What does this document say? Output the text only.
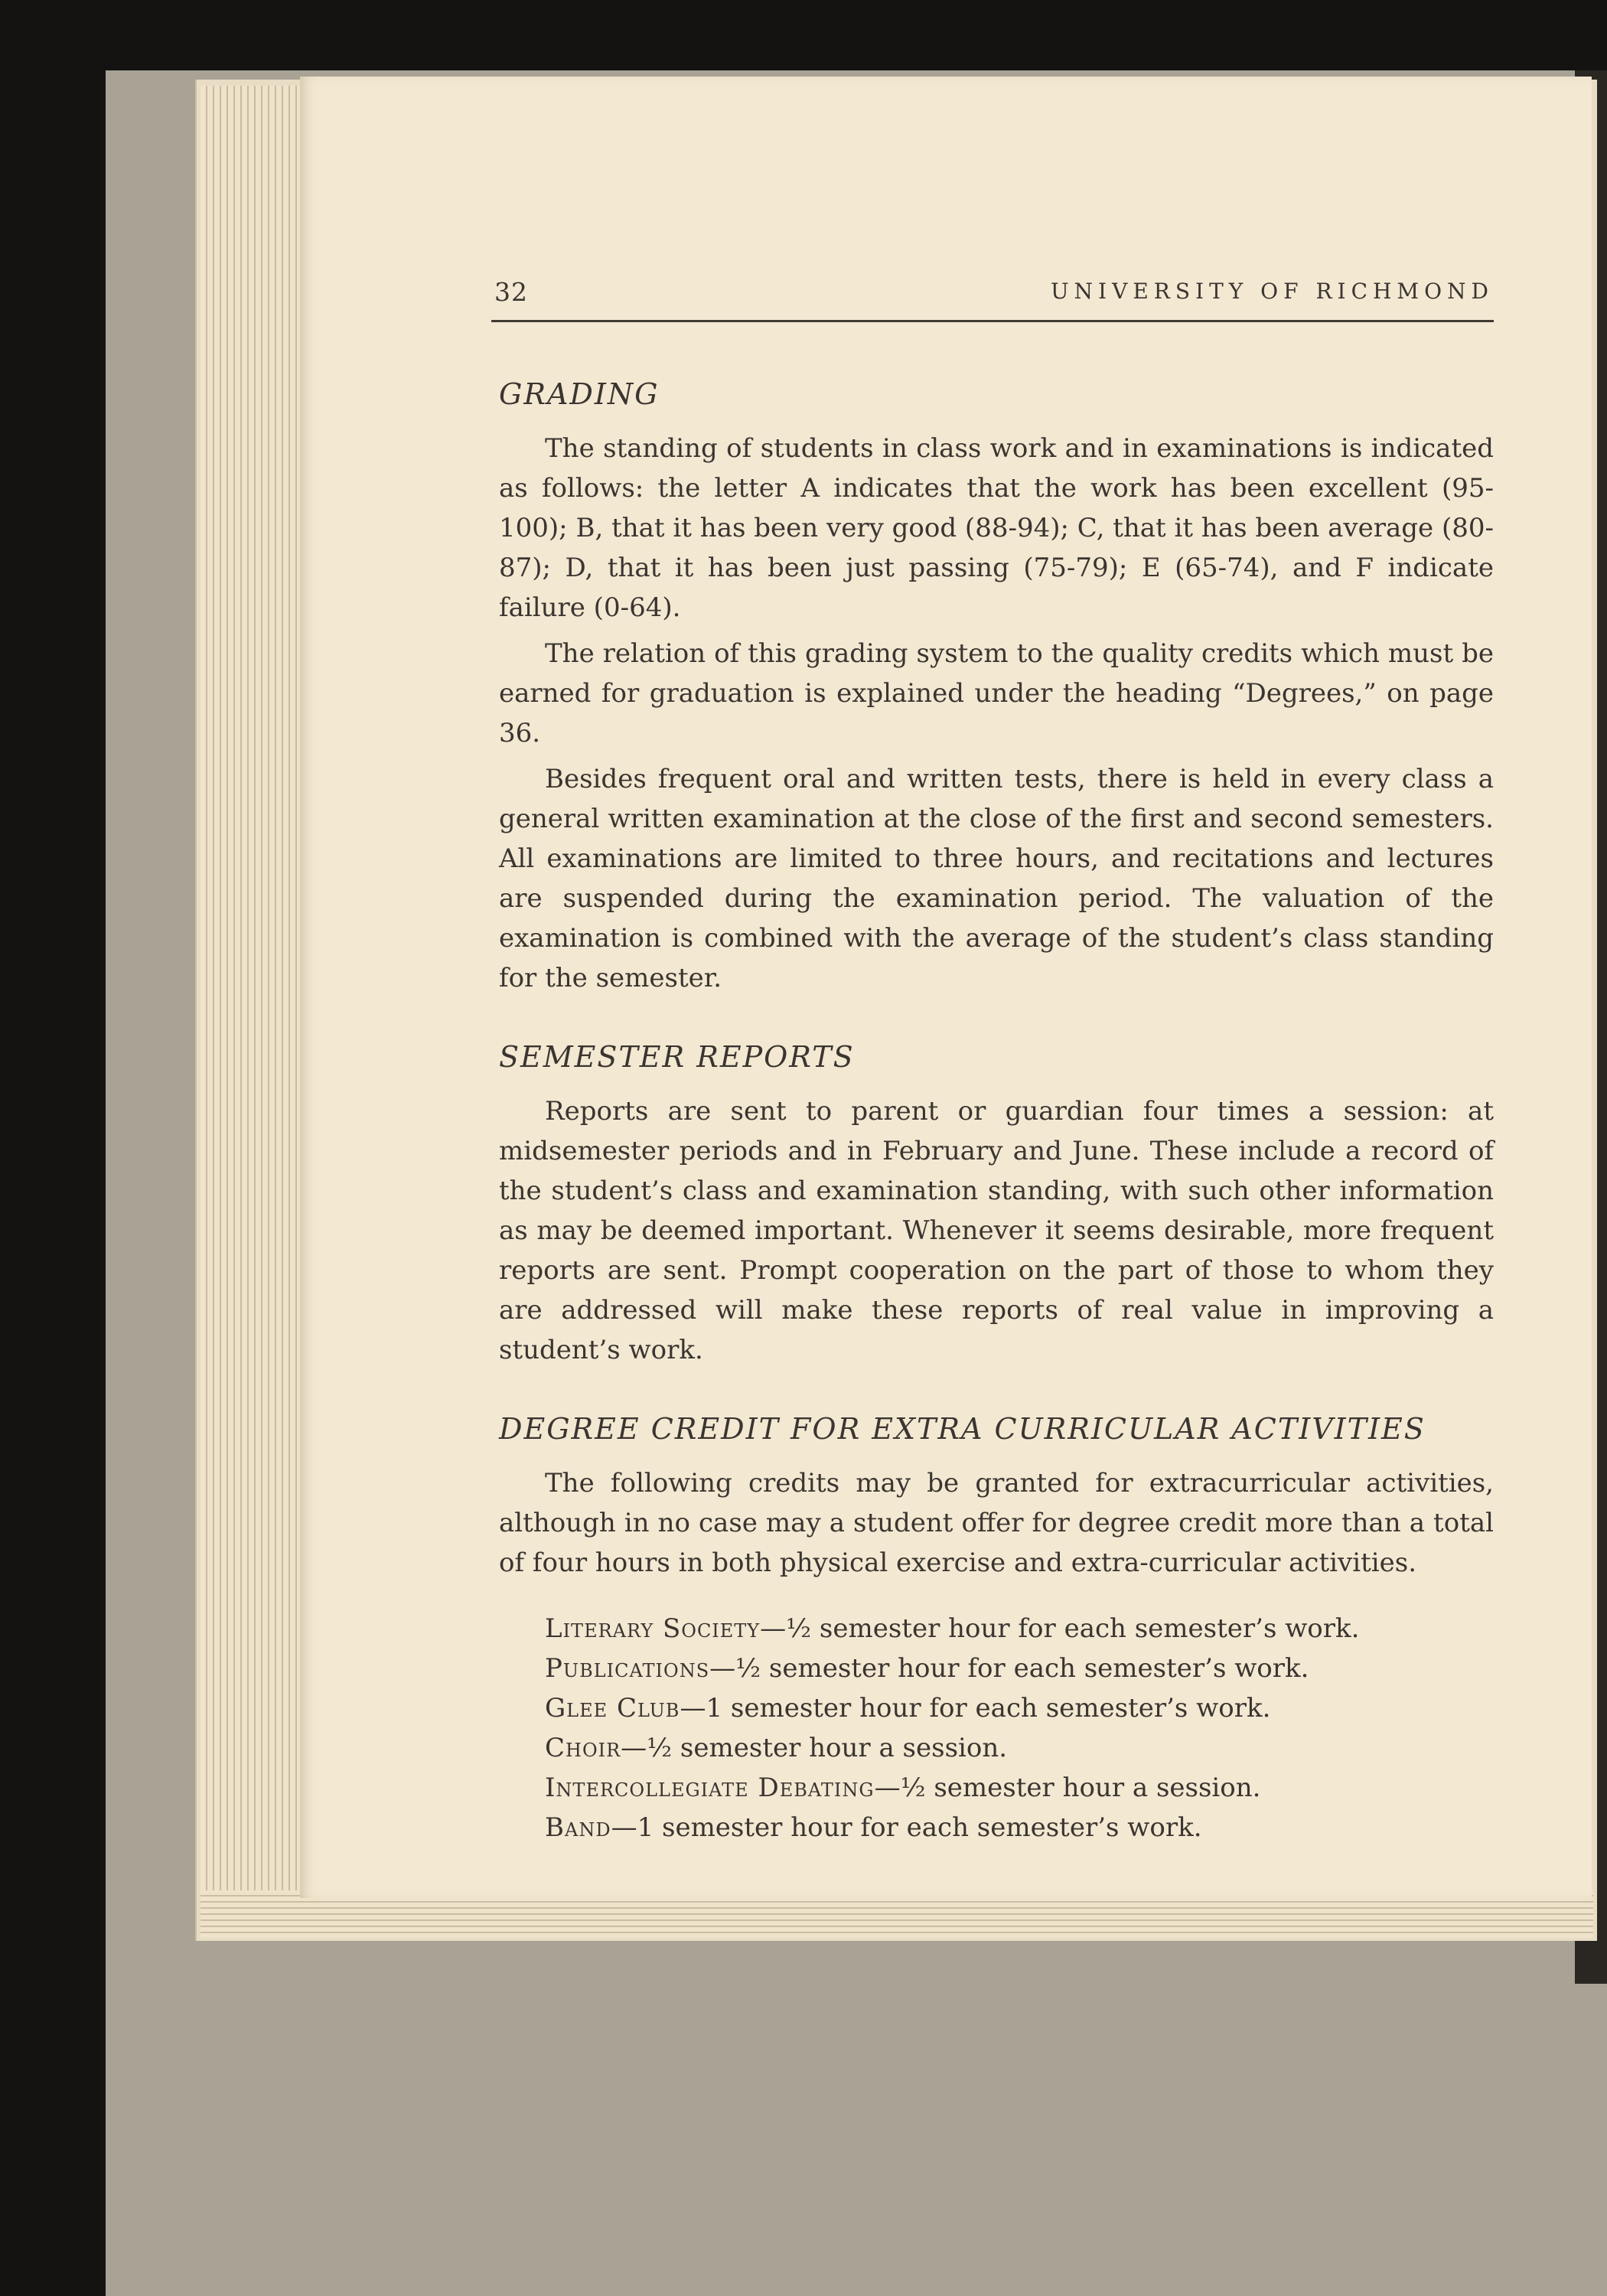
32	UNIVERSITY OF RICHMOND
GRADING

The standing of students in class work and in examinations is indicated as follows: the letter A indicates that the work has been excellent (95-100); B, that it has been very good (88-94); C, that it has been average (80-87); D, that it has been just passing (75-79); E (65-74), and F indicate failure (0-64).

The relation of this grading system to the quality credits which must be earned for graduation is explained under the heading “Degrees,” on page 36.

Besides frequent oral and written tests, there is held in every class a general written examination at the close of the first and second semesters. All examinations are limited to three hours, and recitations and lectures are suspended during the examination period. The valuation of the examination is combined with the average of the student’s class standing for the semester.

SEMESTER REPORTS

Reports are sent to parent or guardian four times a session: at midsemester periods and in February and June. These include a record of the student’s class and examination standing, with such other information as may be deemed important. Whenever it seems desirable, more frequent reports are sent. Prompt cooperation on the part of those to whom they are addressed will make these reports of real value in improving a student’s work.

DEGREE CREDIT FOR EXTRA CURRICULAR ACTIVITIES

The following credits may be granted for extracurricular activities, although in no case may a student offer for degree credit more than a total of four hours in both physical exercise and extra-curricular activities.

Literary Society—½ semester hour for each semester’s work.

Publications—½ semester hour for each semester’s work.

Glee Club—1 semester hour for each semester’s work.

Choir—½ semester hour a session.

Intercollegiate Debating—½ semester hour a session.

Band—1 semester hour for each semester’s work.
